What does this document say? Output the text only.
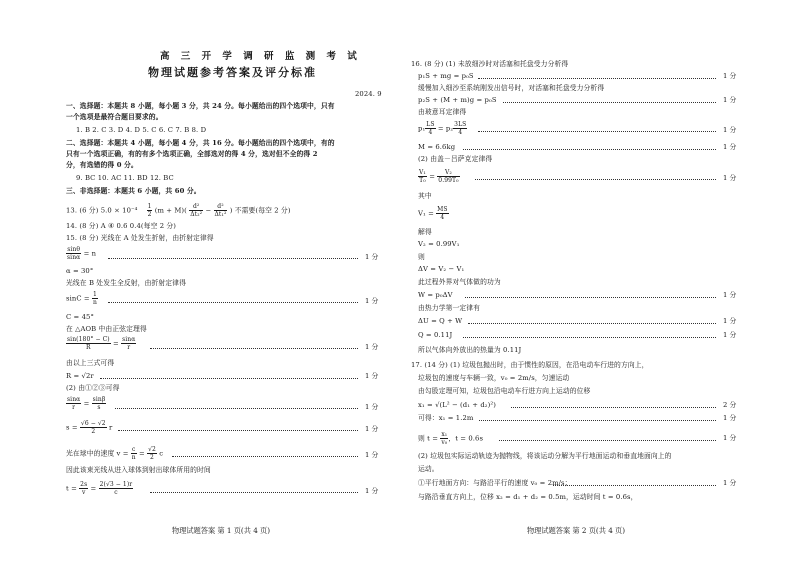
高 三 开 学 调 研 监 测 考 试
物理试题参考答案及评分标准
2024. 9
一、选择题：本题共 8 小题，每小题 3 分，共 24 分。每小题给出的四个选项中，只有
一个选项是最符合题目要求的。
1. B 2. C 3. D 4. D 5. C 6. C 7. B 8. D
二、选择题：本题共 4 小题，每小题 4 分，共 16 分。每小题给出的四个选项中，有的
只有一个选项正确，有的有多个选项正确，全部选对的得 4 分，选对但不全的得 2
分，有选错的得 0 分。
9. BC 10. AC 11. BD 12. BC
三、非选择题：本题共 6 小题，共 60 分。
13. (6 分) $5.0 \times 10^{-4} \frac{1}{2} (m + M)( \frac{\text{d²}}{\text{Δt₂²}} - \frac{\text{d²}}{\text{Δt₁²}}$ ) 不需要(每空 2 分)
14. (8 分) A ④ 0.6 0.4(每空 2 分)
15. (8 分) 光线在 A 处发生折射，由折射定律得
$\frac{\sin\theta}{\sin\alpha} = n$	1 分
α = 30°
光线在 B 处发生全反射，由折射定律得
$\sin C = \frac{1}{n}$	1 分
C = 45°
在 △AOB 中由正弦定理得
$\frac{\sin(180^\circ - C)}{R} = \frac{\sin\alpha}{r}$	1 分
由以上三式可得
R = √2r	1 分
(2) 由①②③可得
$\frac{\sin\alpha}{r} = \frac{\sin\beta}{s}$	1 分
$s = \frac{√6 - √2}{2}$ r	1 分
光在球中的速度 $v = \frac{c}{n} = \frac{√2}{2}$ c	1 分
因此该束光线从进入球体到射出球体所用的时间
$t = \frac{2s}{v} = \frac{2(√3 - 1)r}{c}$	1 分
物理试题答案 第 1 页(共 4 页)
16. (8 分) (1) 未放细沙时对活塞和托盘受力分析得
p₁S + mg = p₀S	1 分
缓慢加入细沙至系统刚发出信号时，对活塞和托盘受力分析得
p₂S + (M + m)g = p₀S	1 分
由玻意耳定律得
$p_1 \frac{LS}{4} = p_2 \frac{3LS}{4}$	1 分
M = 6.6kg	1 分
(2) 由盖－吕萨克定律得
$\frac{\text{V₁}}{\text{T₀}} = \frac{\text{V₂}}{\text{0.99T₀}}$	1 分
其中
$V_1 = \frac{MS}{4}$
解得
V₂ = 0.99V₁
则
ΔV = V₂ − V₁
此过程外界对气体做的功为
W = p₀ΔV	1 分
由热力学第一定律有
ΔU = Q + W	1 分
Q = 0.11J	1 分
所以气体向外放出的热量为 0.11J
17. (14 分) (1) 垃圾包抛出时，由于惯性的原因，在沿电动车行进的方向上，
垃圾包的速度与车辆一致，v₀ = 2m/s，匀速运动
由勾股定理可知，垃圾包沿电动车行进方向上运动的位移
x₁ = √(L² − (d₁ + d₂)²)	2 分
可得：x₁ = 1.2m	1 分
则 $t = \frac{\text{x₁}}{\text{v₀}}$ ，t = 0.6s	1 分
(2) 垃圾包实际运动轨迹为抛物线，将该运动分解为平行地面运动和垂直地面向上的
运动。
①平行地面方向：与路沿平行的速度 v₀ = 2m/s；	1 分
与路沿垂直方向上，位移 x₂ = d₁ + d₂ = 0.5m，运动时间 t = 0.6s，
物理试题答案 第 2 页(共 4 页)
